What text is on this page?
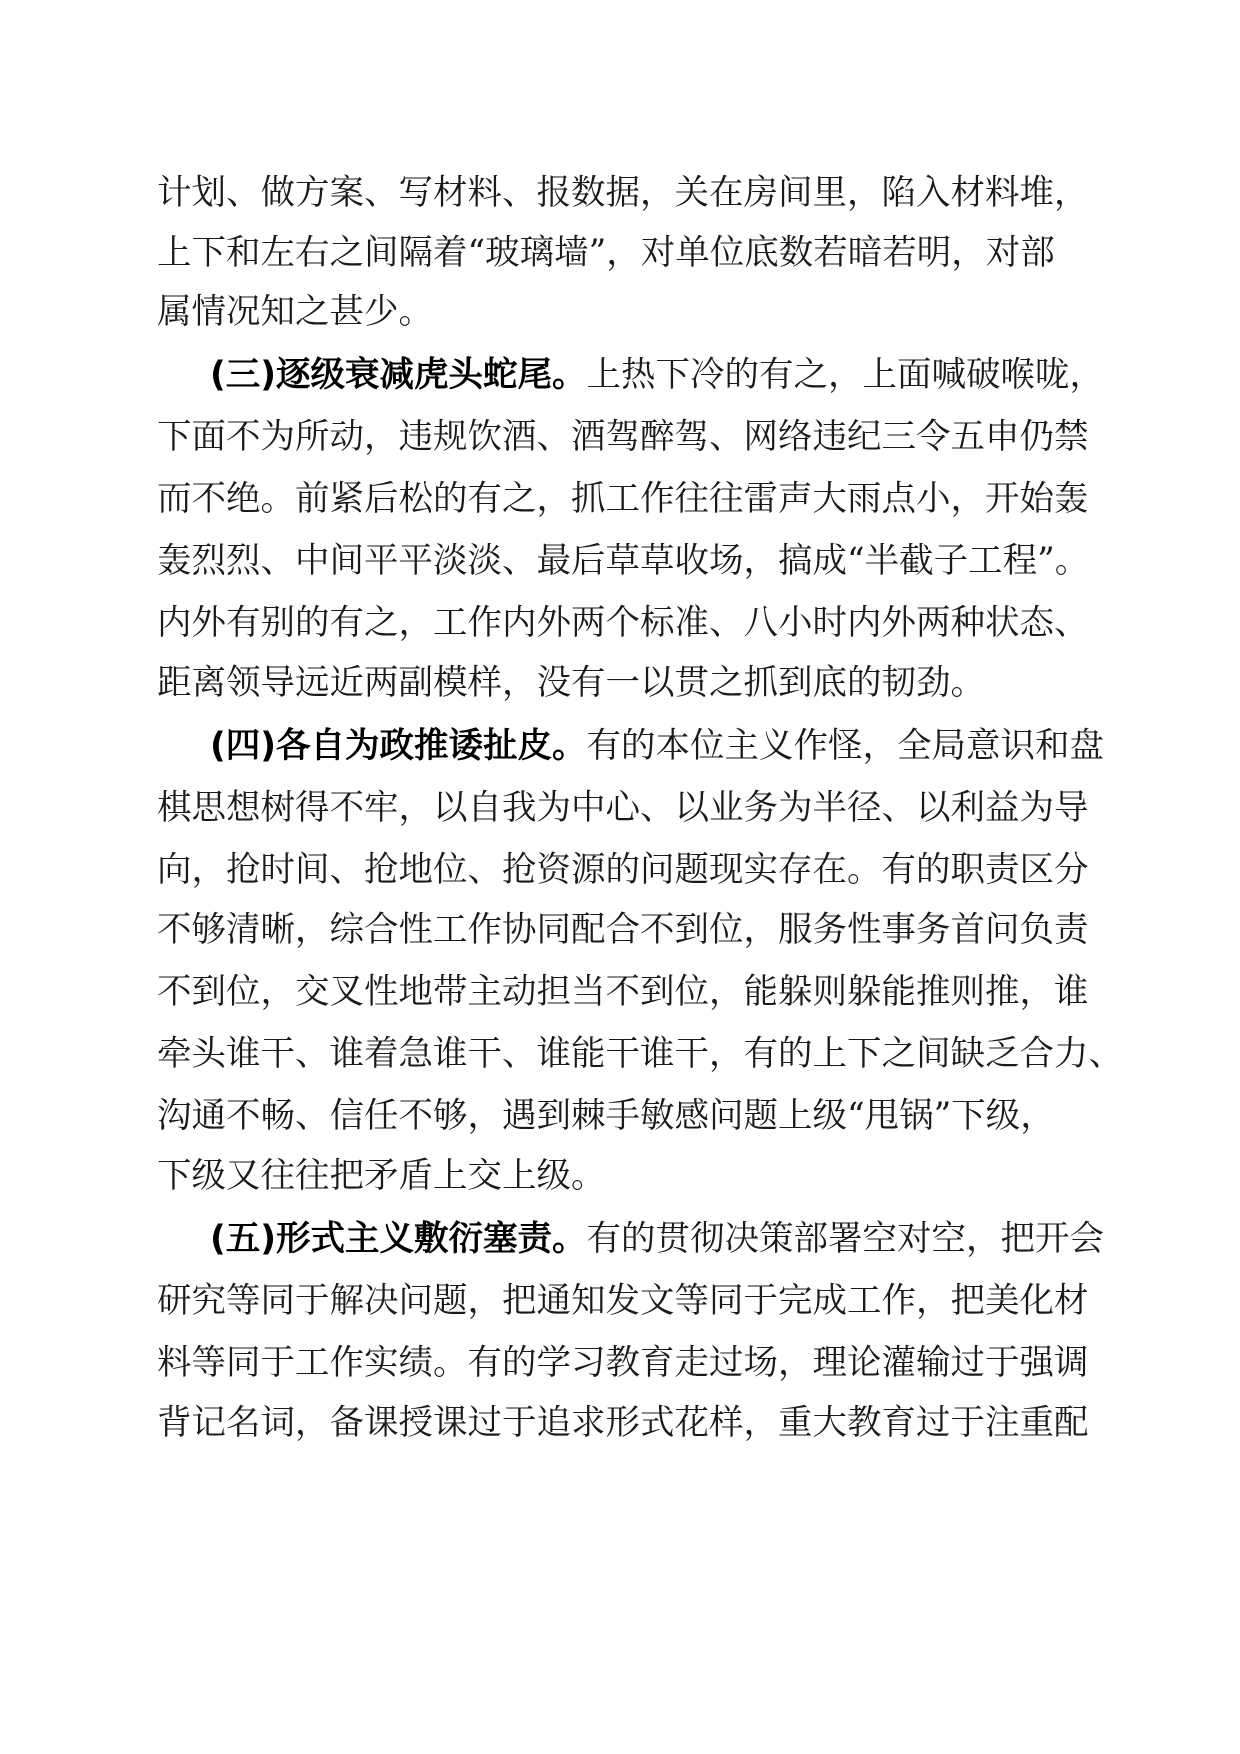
计划、做方案、写材料、报数据，关在房间里，陷入材料堆，
上下和左右之间隔着“玻璃墙”，对单位底数若暗若明，对部
属情况知之甚少。
(三)逐级衰减虎头蛇尾。上热下冷的有之，上面喊破喉咙，
下面不为所动，违规饮酒、酒驾醉驾、网络违纪三令五申仍禁
而不绝。前紧后松的有之，抓工作往往雷声大雨点小，开始轰
轰烈烈、中间平平淡淡、最后草草收场，搞成“半截子工程”。
内外有别的有之，工作内外两个标准、八小时内外两种状态、
距离领导远近两副模样，没有一以贯之抓到底的韧劲。
(四)各自为政推诿扯皮。有的本位主义作怪，全局意识和盘
棋思想树得不牢，以自我为中心、以业务为半径、以利益为导
向，抢时间、抢地位、抢资源的问题现实存在。有的职责区分
不够清晰，综合性工作协同配合不到位，服务性事务首问负责
不到位，交叉性地带主动担当不到位，能躲则躲能推则推，谁
牵头谁干、谁着急谁干、谁能干谁干，有的上下之间缺乏合力、
沟通不畅、信任不够，遇到棘手敏感问题上级“甩锅”下级，
下级又往往把矛盾上交上级。
(五)形式主义敷衍塞责。有的贯彻决策部署空对空，把开会
研究等同于解决问题，把通知发文等同于完成工作，把美化材
料等同于工作实绩。有的学习教育走过场，理论灌输过于强调
背记名词，备课授课过于追求形式花样，重大教育过于注重配
